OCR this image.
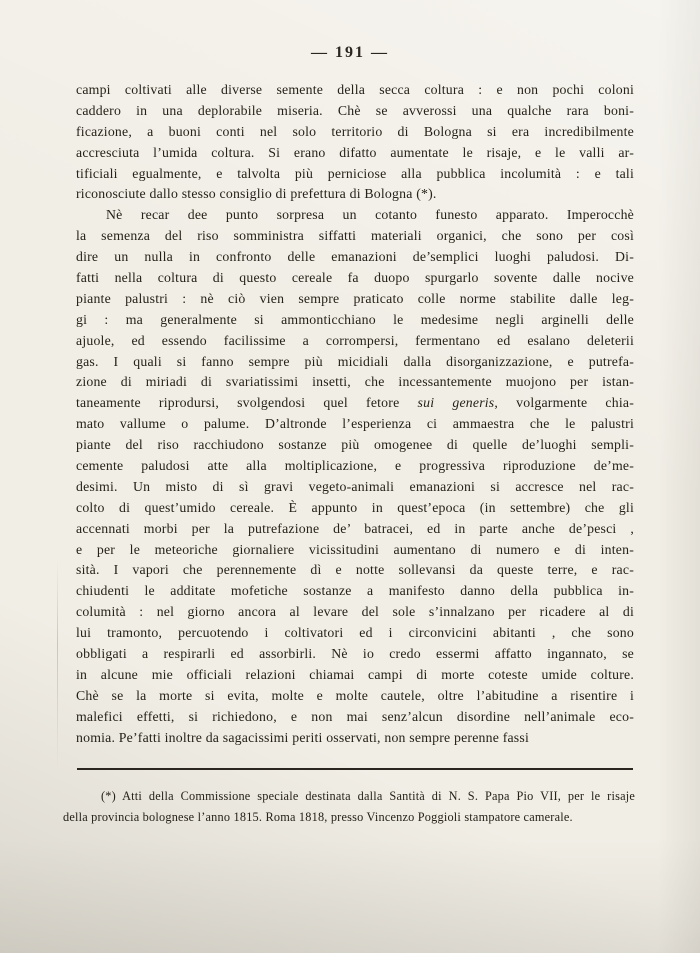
— 191 —
campi coltivati alle diverse semente della secca coltura : e non pochi coloni
caddero in una deplorabile miseria. Chè se avverossi una qualche rara boni-
ficazione, a buoni conti nel solo territorio di Bologna si era incredibilmente
accresciuta l’umida coltura. Si erano difatto aumentate le risaje, e le valli ar-
tificiali egualmente, e talvolta più perniciose alla pubblica incolumità : e tali
riconosciute dallo stesso consiglio di prefettura di Bologna (*).
Nè recar dee punto sorpresa un cotanto funesto apparato. Imperocchè
la semenza del riso somministra siffatti materiali organici, che sono per così
dire un nulla in confronto delle emanazioni de’semplici luoghi paludosi. Di-
fatti nella coltura di questo cereale fa duopo spurgarlo sovente dalle nocive
piante palustri : nè ciò vien sempre praticato colle norme stabilite dalle leg-
gi : ma generalmente si ammonticchiano le medesime negli arginelli delle
ajuole, ed essendo facilissime a corrompersi, fermentano ed esalano deleterii
gas. I quali si fanno sempre più micidiali dalla disorganizzazione, e putrefa-
zione di miriadi di svariatissimi insetti, che incessantemente muojono per istan-
taneamente riprodursi, svolgendosi quel fetore sui generis, volgarmente chia-
mato vallume o palume. D’altronde l’esperienza ci ammaestra che le palustri
piante del riso racchiudono sostanze più omogenee di quelle de’luoghi sempli-
cemente paludosi atte alla moltiplicazione, e progressiva riproduzione de’me-
desimi. Un misto di sì gravi vegeto-animali emanazioni si accresce nel rac-
colto di quest’umido cereale. È appunto in quest’epoca (in settembre) che gli
accennati morbi per la putrefazione de’ batracei, ed in parte anche de’pesci ,
e per le meteoriche giornaliere vicissitudini aumentano di numero e di inten-
sità. I vapori che perennemente dì e notte sollevansi da queste terre, e rac-
chiudenti le additate mofetiche sostanze a manifesto danno della pubblica in-
columità : nel giorno ancora al levare del sole s’innalzano per ricadere al di
lui tramonto, percuotendo i coltivatori ed i circonvicini abitanti , che sono
obbligati a respirarli ed assorbirli. Nè io credo essermi affatto ingannato, se
in alcune mie officiali relazioni chiamai campi di morte coteste umide colture.
Chè se la morte si evita, molte e molte cautele, oltre l’abitudine a risentire i
malefici effetti, si richiedono, e non mai senz’alcun disordine nell’animale eco-
nomia. Pe’fatti inoltre da sagacissimi periti osservati, non sempre perenne fassi
(*) Atti della Commissione speciale destinata dalla Santità di N. S. Papa Pio VII, per le risaje
della provincia bolognese l’anno 1815. Roma 1818, presso Vincenzo Poggioli stampatore camerale.
